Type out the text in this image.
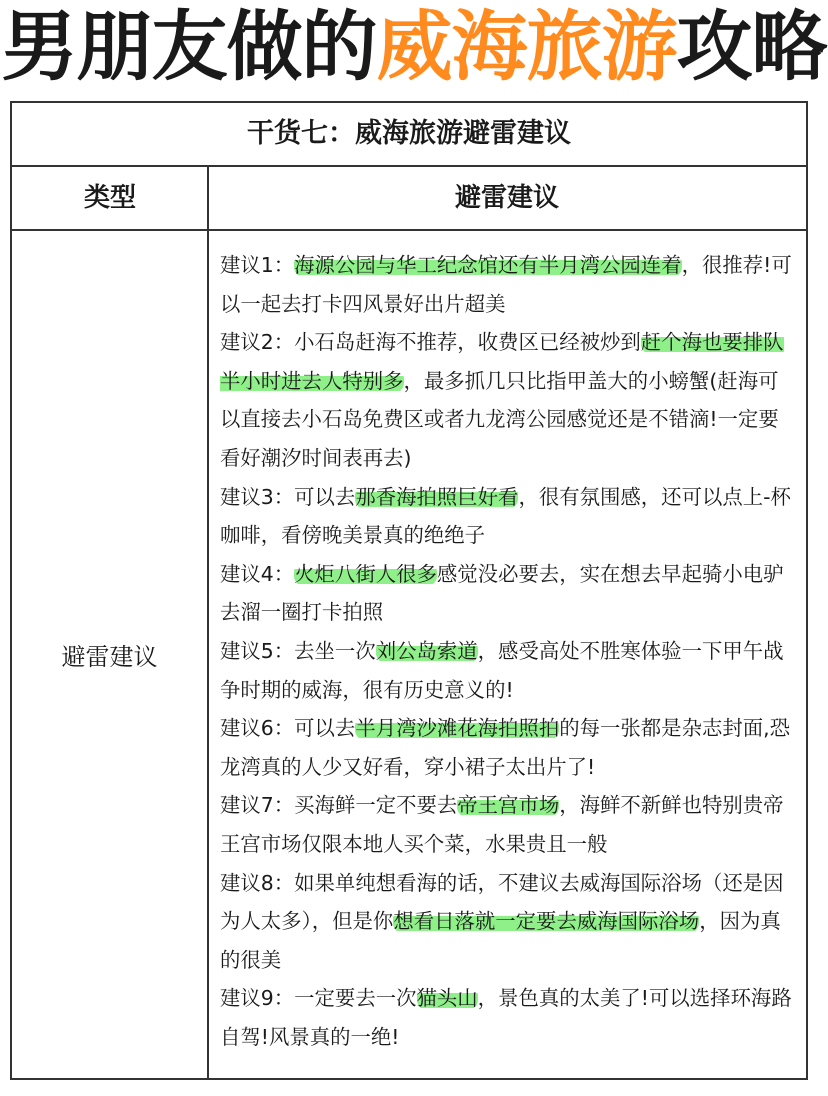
男朋友做的威海旅游攻略
干货七：威海旅游避雷建议
类型	避雷建议
避雷建议

建议1：海源公园与华工纪念馆还有半月湾公园连着，很推荐!可以一起去打卡四风景好出片超美

建议2：小石岛赶海不推荐，收费区已经被炒到赶个海也要排队半小时进去人特别多，最多抓几只比指甲盖大的小螃蟹(赶海可以直接去小石岛免费区或者九龙湾公园感觉还是不错滴!一定要看好潮汐时间表再去)

建议3：可以去那香海拍照巨好看，很有氛围感，还可以点上-杯咖啡，看傍晚美景真的绝绝子

建议4：火炬八街人很多感觉没必要去，实在想去早起骑小电驴去溜一圈打卡拍照

建议5：去坐一次刘公岛索道，感受高处不胜寒体验一下甲午战争时期的威海，很有历史意义的!

建议6：可以去半月湾沙滩花海拍照拍的每一张都是杂志封面,恐龙湾真的人少又好看，穿小裙子太出片了!

建议7：买海鲜一定不要去帝王宫市场，海鲜不新鲜也特别贵帝王宫市场仅限本地人买个菜，水果贵且一般

建议8：如果单纯想看海的话，不建议去威海国际浴场（还是因为人太多），但是你想看日落就一定要去威海国际浴场，因为真的很美

建议9：一定要去一次猫头山，景色真的太美了!可以选择环海路自驾!风景真的一绝!
